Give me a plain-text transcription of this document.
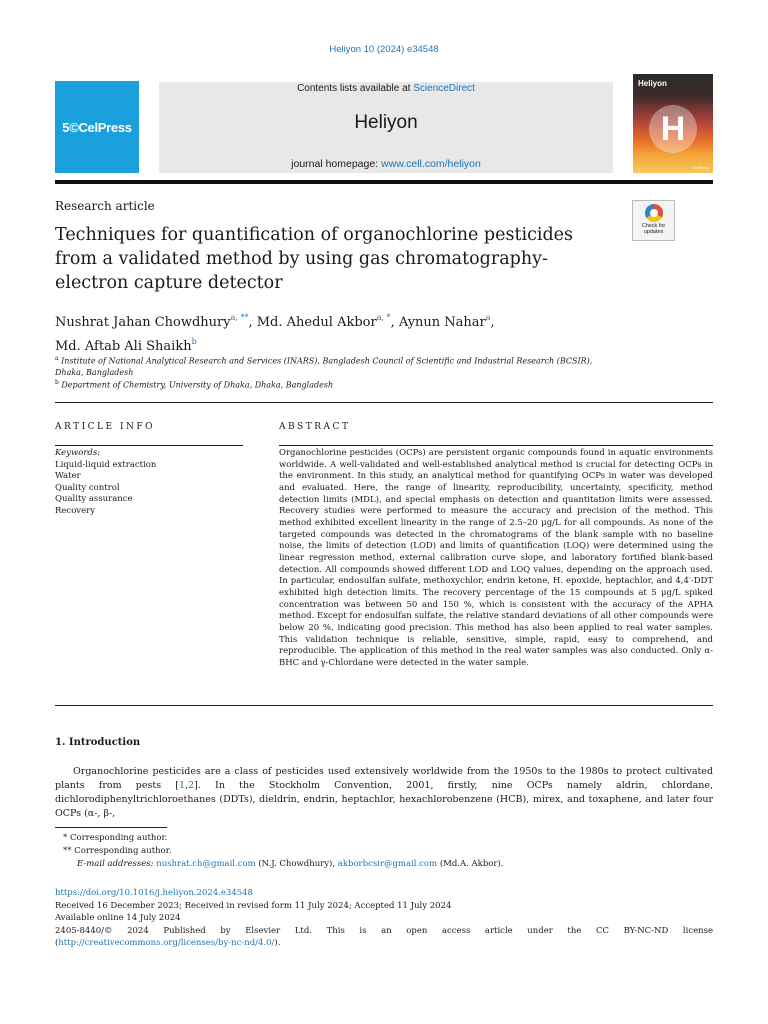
Heliyon 10 (2024) e34548
5©CelPress
Contents lists available at ScienceDirect
Heliyon
journal homepage: www.cell.com/heliyon
Heliyon
H
CellPress
Research article
Techniques for quantification of organochlorine pesticides from a validated method by using gas chromatography-electron capture detector
Check for updates
Nushrat Jahan Chowdhury$^{a, **}$, Md. Ahedul Akbor$^{a, *}$, Aynun Nahar$^a$,
Md. Aftab Ali Shaikh$^b$
$^a$ Institute of National Analytical Research and Services (INARS), Bangladesh Council of Scientific and Industrial Research (BCSIR), Dhaka, Bangladesh
$^b$ Department of Chemistry, University of Dhaka, Dhaka, Bangladesh
ARTICLE INFO	ABSTRACT
Keywords:
Liquid-liquid extraction
Water
Quality control
Quality assurance
Recovery
Organochlorine pesticides (OCPs) are persistent organic compounds found in aquatic environments worldwide. A well-validated and well-established analytical method is crucial for detecting OCPs in the environment. In this study, an analytical method for quantifying OCPs in water was developed and evaluated. Here, the range of linearity, reproducibility, uncertainty, specificity, method detection limits (MDL), and special emphasis on detection and quantitation limits were assessed. Recovery studies were performed to measure the accuracy and precision of the method. This method exhibited excellent linearity in the range of 2.5–20 μg/L for all compounds. As none of the targeted compounds was detected in the chromatograms of the blank sample with no baseline noise, the limits of detection (LOD) and limits of quantification (LOQ) were determined using the linear regression method, external calibration curve slope, and laboratory fortified blank-based detection. All compounds showed different LOD and LOQ values, depending on the approach used. In particular, endosulfan sulfate, methoxychlor, endrin ketone, H. epoxide, heptachlor, and 4,4′-DDT exhibited high detection limits. The recovery percentage of the 15 compounds at 5 μg/L spiked concentration was between 50 and 150 %, which is consistent with the accuracy of the APHA method. Except for endosulfan sulfate, the relative standard deviations of all other compounds were below 20 %, indicating good precision. This method has also been applied to real water samples. This validation technique is reliable, sensitive, simple, rapid, easy to comprehend, and reproducible. The application of this method in the real water samples was also conducted. Only α-BHC and γ-Chlordane were detected in the water sample.
1. Introduction
Organochlorine pesticides are a class of pesticides used extensively worldwide from the 1950s to the 1980s to protect cultivated plants from pests [1,2]. In the Stockholm Convention, 2001, firstly, nine OCPs namely aldrin, chlordane, dichlorodiphenyltrichloroethanes (DDTs), dieldrin, endrin, heptachlor, hexachlorobenzene (HCB), mirex, and toxaphene, and later four OCPs (α-, β-,
* Corresponding author.
** Corresponding author.
E-mail addresses: nushrat.ch@gmail.com (N.J. Chowdhury), akborbcsir@gmail.com (Md.A. Akbor).
https://doi.org/10.1016/j.heliyon.2024.e34548
Received 16 December 2023; Received in revised form 11 July 2024; Accepted 11 July 2024
Available online 14 July 2024
2405-8440/© 2024 Published by Elsevier Ltd. This is an open access article under the CC BY-NC-ND license
(http://creativecommons.org/licenses/by-nc-nd/4.0/).
